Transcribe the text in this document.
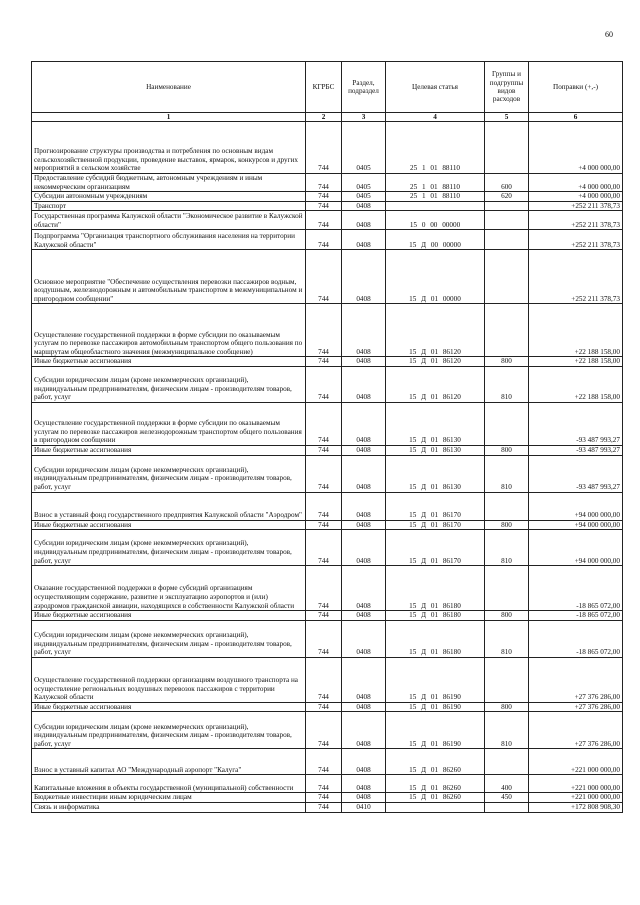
60
Наименование	КГРБС	Раздел, подраздел	Целевая статья	Группы и подгруппы видов расходов	Поправки (+,-)
1	2	3	4	5	6
Прогнозирование структуры производства и потребления по основным видам сельскохозяйственной продукции, проведение выставок, ярмарок, конкурсов и других мероприятий в сельском хозяйстве	744	0405	25 1 01 88110		+4 000 000,00
Предоставление субсидий бюджетным, автономным учреждениям и иным некоммерческим организациям	744	0405	25 1 01 88110	600	+4 000 000,00
Субсидии автономным учреждениям	744	0405	25 1 01 88110	620	+4 000 000,00
Транспорт	744	0408			+252 211 378,73
Государственная программа Калужской области "Экономическое развитие в Калужской области"	744	0408	15 0 00 00000		+252 211 378,73
Подпрограмма "Организация транспортного обслуживания населения на территории Калужской области"	744	0408	15 Д 00 00000		+252 211 378,73
Основное мероприятие "Обеспечение осуществления перевозки пассажиров водным, воздушным, железнодорожным и автомобильным транспортом в межмуниципальном и пригородном сообщении"	744	0408	15 Д 01 00000		+252 211 378,73
Осуществление государственной поддержки в форме субсидии по оказываемым услугам по перевозке пассажиров автомобильным транспортом общего пользования по маршрутам общеобластного значения (межмуниципальное сообщение)	744	0408	15 Д 01 86120		+22 188 158,00
Иные бюджетные ассигнования	744	0408	15 Д 01 86120	800	+22 188 158,00
Субсидии юридическим лицам (кроме некоммерческих организаций), индивидуальным предпринимателям, физическим лицам - производителям товаров, работ, услуг	744	0408	15 Д 01 86120	810	+22 188 158,00
Осуществление государственной поддержки в форме субсидии по оказываемым услугам по перевозке пассажиров железнодорожным транспортом общего пользования в пригородном сообщении	744	0408	15 Д 01 86130		-93 487 993,27
Иные бюджетные ассигнования	744	0408	15 Д 01 86130	800	-93 487 993,27
Субсидии юридическим лицам (кроме некоммерческих организаций), индивидуальным предпринимателям, физическим лицам - производителям товаров, работ, услуг	744	0408	15 Д 01 86130	810	-93 487 993,27
Взнос в уставный фонд государственного предприятия Калужской области "Аэродром"	744	0408	15 Д 01 86170		+94 000 000,00
Иные бюджетные ассигнования	744	0408	15 Д 01 86170	800	+94 000 000,00
Субсидии юридическим лицам (кроме некоммерческих организаций), индивидуальным предпринимателям, физическим лицам - производителям товаров, работ, услуг	744	0408	15 Д 01 86170	810	+94 000 000,00
Оказание государственной поддержки в форме субсидий организациям осуществляющим содержание, развитие и эксплуатацию аэропортов и (или) аэродромов гражданской авиации, находящихся в собственности Калужской области	744	0408	15 Д 01 86180		-18 865 072,00
Иные бюджетные ассигнования	744	0408	15 Д 01 86180	800	-18 865 072,00
Субсидии юридическим лицам (кроме некоммерческих организаций), индивидуальным предпринимателям, физическим лицам - производителям товаров, работ, услуг	744	0408	15 Д 01 86180	810	-18 865 072,00
Осуществление государственной поддержки организациям воздушного транспорта на осуществление региональных воздушных перевозок пассажиров с территории Калужской области	744	0408	15 Д 01 86190		+27 376 286,00
Иные бюджетные ассигнования	744	0408	15 Д 01 86190	800	+27 376 286,00
Субсидии юридическим лицам (кроме некоммерческих организаций), индивидуальным предпринимателям, физическим лицам - производителям товаров, работ, услуг	744	0408	15 Д 01 86190	810	+27 376 286,00
Взнос в уставный капитал АО "Международный аэропорт "Калуга"	744	0408	15 Д 01 86260		+221 000 000,00
Капитальные вложения в объекты государственной (муниципальной) собственности	744	0408	15 Д 01 86260	400	+221 000 000,00
Бюджетные инвестиции иным юридическим лицам	744	0408	15 Д 01 86260	450	+221 000 000,00
Связь и информатика	744	0410			+172 808 908,30
